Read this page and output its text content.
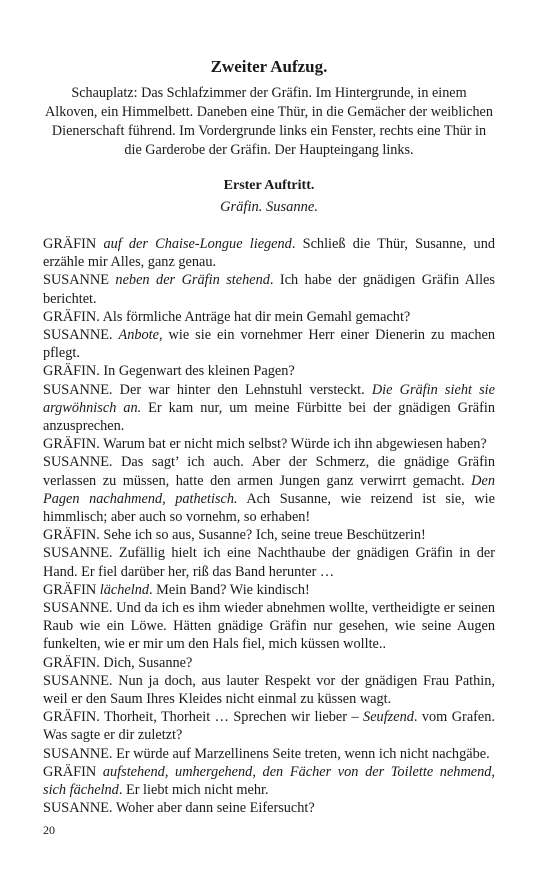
Zweiter Aufzug.

Schauplatz: Das Schlafzimmer der Gräfin. Im Hintergrunde, in einem Alkoven, ein Himmelbett. Daneben eine Thür, in die Gemächer der weiblichen Dienerschaft führend. Im Vordergrunde links ein Fenster, rechts eine Thür in die Garderobe der Gräfin. Der Haupteingang links.

Erster Auftritt.

Gräfin. Susanne.

GRÄFIN auf der Chaise-Longue liegend. Schließ die Thür, Susanne, und erzähle mir Alles, ganz genau.

SUSANNE neben der Gräfin stehend. Ich habe der gnädigen Gräfin Alles berichtet.

GRÄFIN. Als förmliche Anträge hat dir mein Gemahl gemacht?

SUSANNE. Anbote, wie sie ein vornehmer Herr einer Dienerin zu machen pflegt.

GRÄFIN. In Gegenwart des kleinen Pagen?

SUSANNE. Der war hinter den Lehnstuhl versteckt. Die Gräfin sieht sie argwöhnisch an. Er kam nur, um meine Fürbitte bei der gnädigen Gräfin anzusprechen.

GRÄFIN. Warum bat er nicht mich selbst? Würde ich ihn abgewiesen haben?

SUSANNE. Das sagt’ ich auch. Aber der Schmerz, die gnädige Gräfin verlassen zu müssen, hatte den armen Jungen ganz verwirrt gemacht. Den Pagen nachahmend, pathetisch. Ach Susanne, wie reizend ist sie, wie himmlisch; aber auch so vornehm, so erhaben!

GRÄFIN. Sehe ich so aus, Susanne? Ich, seine treue Beschützerin!

SUSANNE. Zufällig hielt ich eine Nachthaube der gnädigen Gräfin in der Hand. Er fiel darüber her, riß das Band herunter …

GRÄFIN lächelnd. Mein Band? Wie kindisch!

SUSANNE. Und da ich es ihm wieder abnehmen wollte, vertheidigte er seinen Raub wie ein Löwe. Hätten gnädige Gräfin nur gesehen, wie seine Augen funkelten, wie er mir um den Hals fiel, mich küssen wollte..

GRÄFIN. Dich, Susanne?

SUSANNE. Nun ja doch, aus lauter Respekt vor der gnädigen Frau Pathin, weil er den Saum Ihres Kleides nicht einmal zu küssen wagt.

GRÄFIN. Thorheit, Thorheit … Sprechen wir lieber – Seufzend. vom Grafen. Was sagte er dir zuletzt?

SUSANNE. Er würde auf Marzellinens Seite treten, wenn ich nicht nachgäbe.

GRÄFIN aufstehend, umhergehend, den Fächer von der Toilette nehmend, sich fächelnd. Er liebt mich nicht mehr.

SUSANNE. Woher aber dann seine Eifersucht?

20
